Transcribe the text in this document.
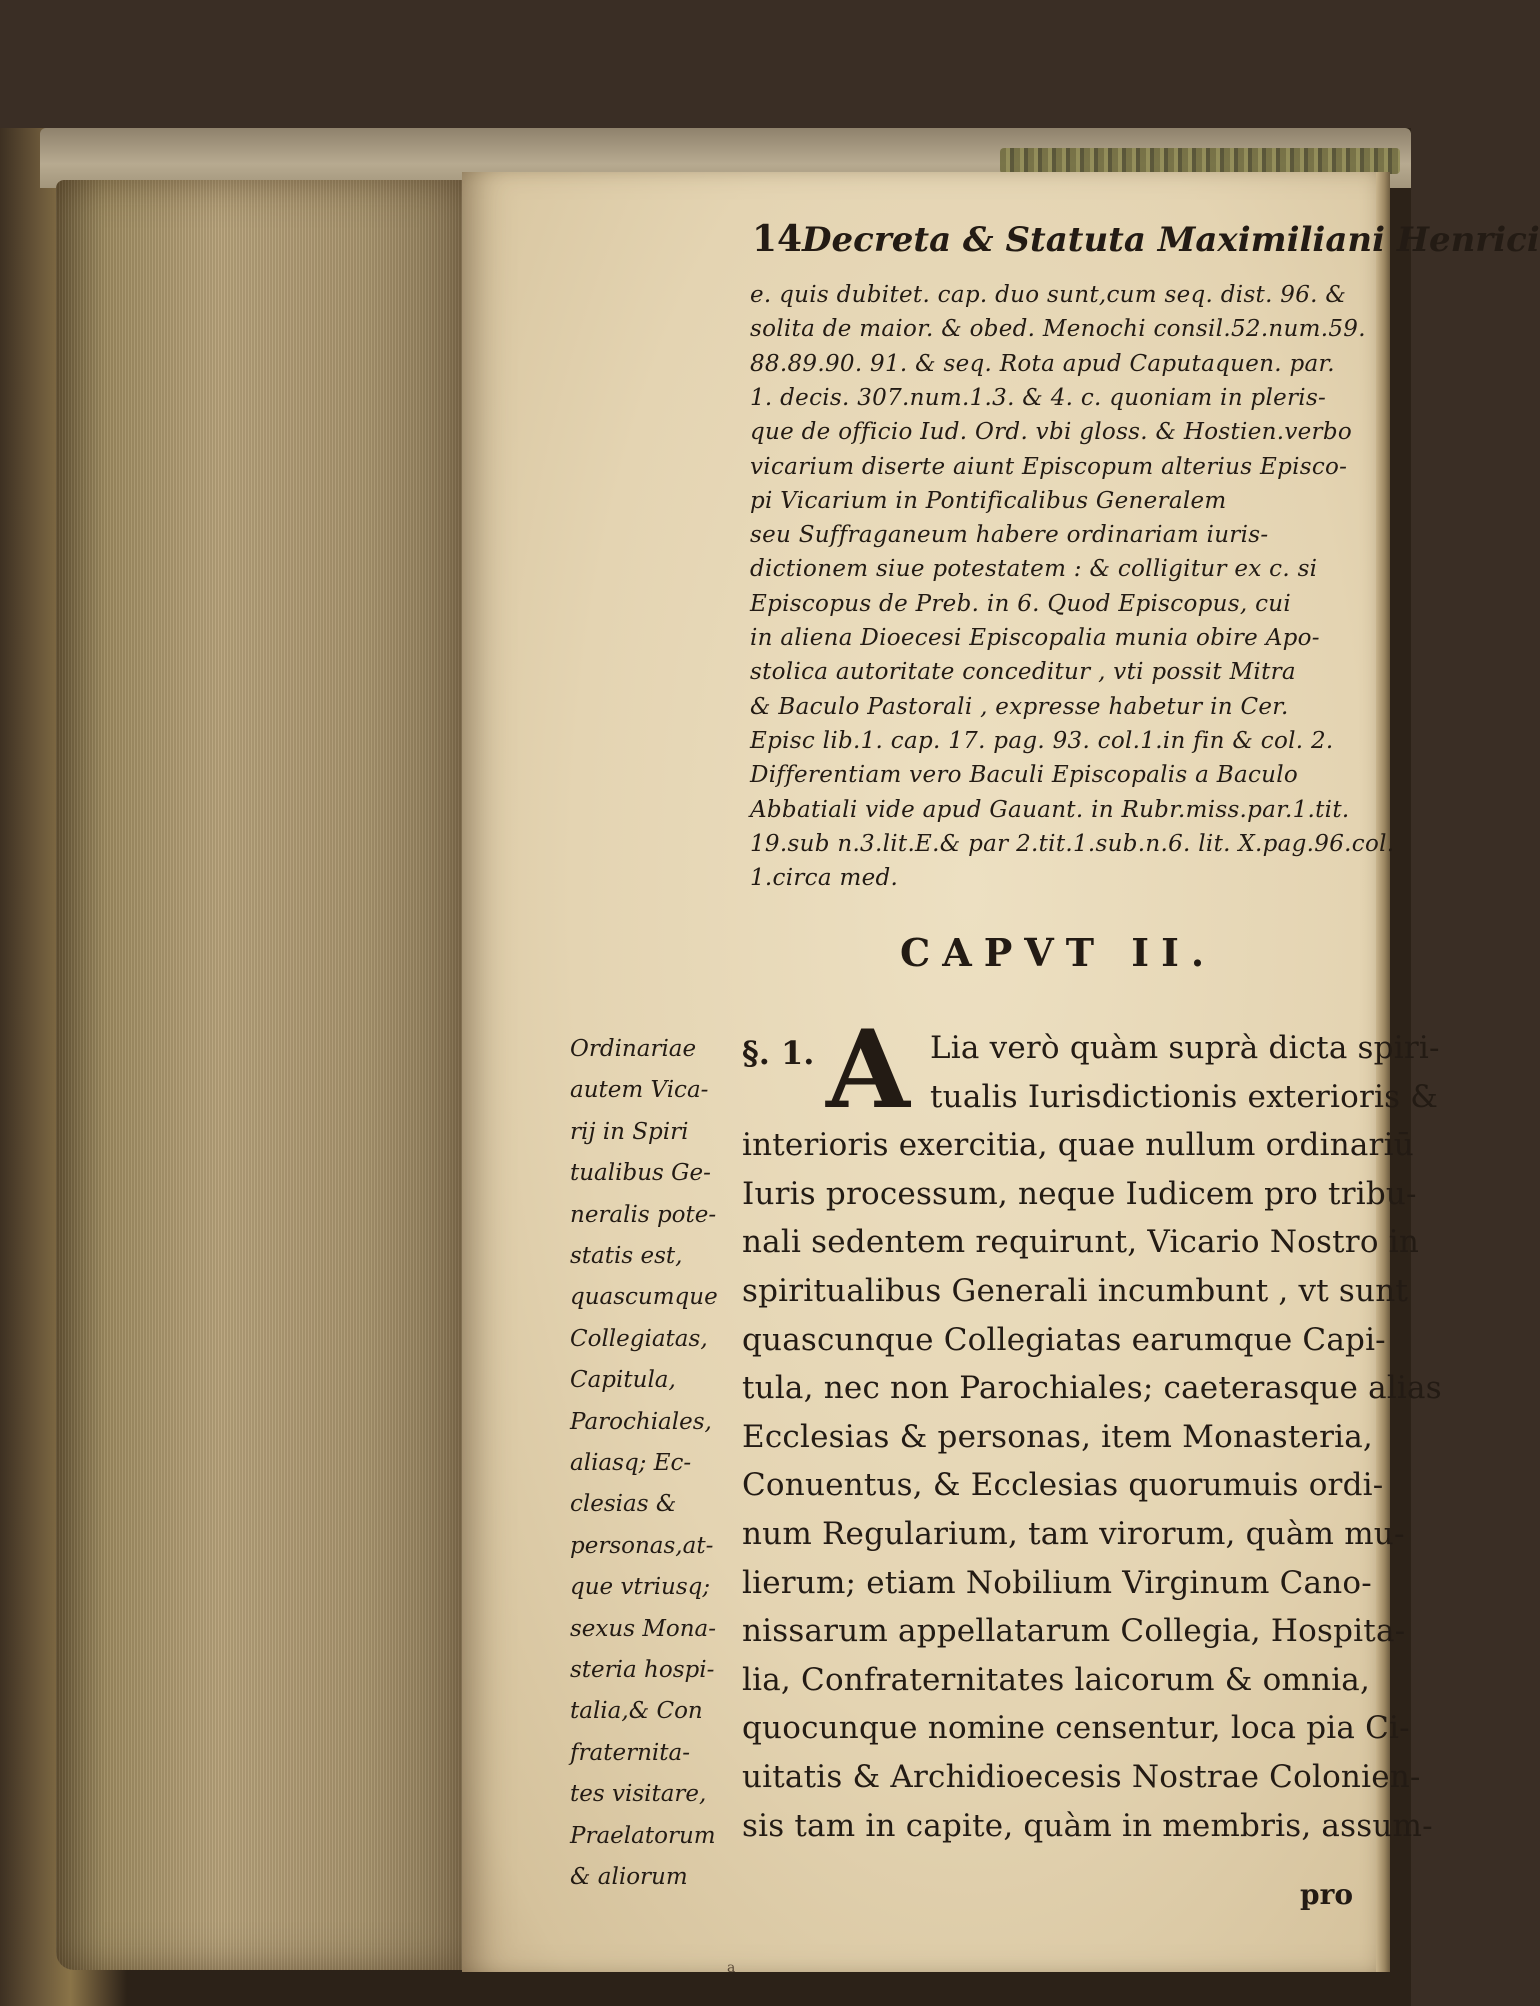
14 Decreta & Statuta Maximiliani Henrici
e. quis dubitet. cap. duo sunt,cum seq. dist. 96. &
solita de maior. & obed. Menochi consil.52.num.59.
88.89.90. 91. & seq. Rota apud Caputaquen. par.
1. decis. 307.num.1.3. & 4. c. quoniam in pleris-
que de officio Iud. Ord. vbi gloss. & Hostien.verbo
vicarium diserte aiunt Episcopum alterius Episco-
pi Vicarium in Pontificalibus Generalem
seu Suffraganeum habere ordinariam iuris-
dictionem siue potestatem : & colligitur ex c. si
Episcopus de Preb. in 6. Quod Episcopus, cui
in aliena Dioecesi Episcopalia munia obire Apo-
stolica autoritate conceditur , vti possit Mitra
& Baculo Pastorali , expresse habetur in Cer.
Episc lib.1. cap. 17. pag. 93. col.1.in fin & col. 2.
Differentiam vero Baculi Episcopalis a Baculo
Abbatiali vide apud Gauant. in Rubr.miss.par.1.tit.
19.sub n.3.lit.E.& par 2.tit.1.sub.n.6. lit. X.pag.96.col.
1.circa med.
CAPVT II.
Ordinariae
autem Vica-
rij in Spiri
tualibus Ge-
neralis pote-
statis est,
quascumque
Collegiatas,
Capitula,
Parochiales,
aliasq; Ec-
clesias &
personas,at-
que vtriusq;
sexus Mona-
steria hospi-
talia,& Con
fraternita-
tes visitare,
Praelatorum
& aliorum
§. 1. A Lia verò quàm suprà dicta spiri-
tualis Iurisdictionis exterioris &
interioris exercitia, quae nullum ordinariū
Iuris processum, neque Iudicem pro tribu-
nali sedentem requirunt, Vicario Nostro in
spiritualibus Generali incumbunt , vt sunt
quascunque Collegiatas earumque Capi-
tula, nec non Parochiales; caeterasque alias
Ecclesias & personas, item Monasteria,
Conuentus, & Ecclesias quorumuis ordi-
num Regularium, tam virorum, quàm mu-
lierum; etiam Nobilium Virginum Cano-
nissarum appellatarum Collegia, Hospita-
lia, Confraternitates laicorum & omnia,
quocunque nomine censentur, loca pia Ci-
uitatis & Archidioecesis Nostrae Colonien-
sis tam in capite, quàm in membris, assum-
pro
a
